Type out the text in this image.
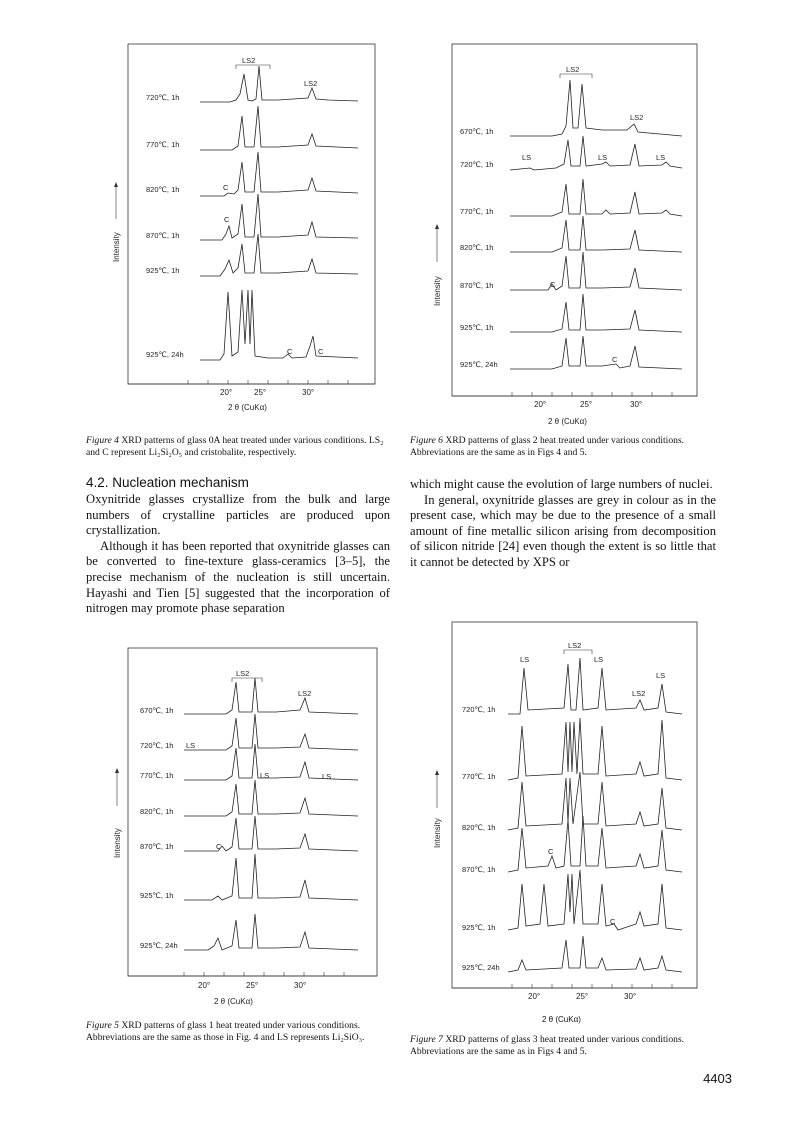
LS2
LS2
720℃, 1h
770℃, 1h
820℃, 1h	C
870℃, 1h
C
925℃, 1h
925℃, 24h	C	C
20°	25°	30°
2 θ (CuKα)
Intensity
Figure 4 XRD patterns of glass 0A heat treated under various conditions. LS₂ and C represent Li₂Si₂O₅ and cristobalite, respectively.
LS2
LS2
670℃, 1h
LS	LS	LS
720℃, 1h
770℃, 1h
820℃, 1h
C
870℃, 1h
925℃, 1h
C
925℃, 24h
20°	25°	30°
2 θ (CuKα)
Intensity
Figure 6 XRD patterns of glass 2 heat treated under various conditions. Abbreviations are the same as in Figs 4 and 5.
4.2. Nucleation mechanism

Oxynitride glasses crystallize from the bulk and large numbers of crystalline particles are produced upon crystallization.

Although it has been reported that oxynitride glasses can be converted to fine-texture glass-ceramics [3–5], the precise mechanism of the nucleation is still uncertain. Hayashi and Tien [5] suggested that the incorporation of nitrogen may promote phase separation

which might cause the evolution of large numbers of nuclei.

In general, oxynitride glasses are grey in colour as in the present case, which may be due to the presence of a small amount of fine metallic silicon arising from decomposition of silicon nitride [24] even though the extent is so little that it cannot be detected by XPS or

LS2
LS2
670℃, 1h
720℃, 1h LS
770℃, 1h	LS	LS
820℃, 1h
870℃, 1h	C
925℃, 1h
925℃, 24h
20°	25°	30°
2 θ (CuKα)
Intensity
Figure 5 XRD patterns of glass 1 heat treated under various conditions. Abbreviations are the same as those in Fig. 4 and LS represents Li₂SiO₃.
LS2
LS	LS
LS
LS2
720℃, 1h
770℃, 1h
820℃, 1h
C
870℃, 1h
C
925℃, 1h
925℃, 24h
20°	25°	30°
Intensity
2 θ (CuKα)
Figure 7 XRD patterns of glass 3 heat treated under various conditions. Abbreviations are the same as in Figs 4 and 5.
4403
